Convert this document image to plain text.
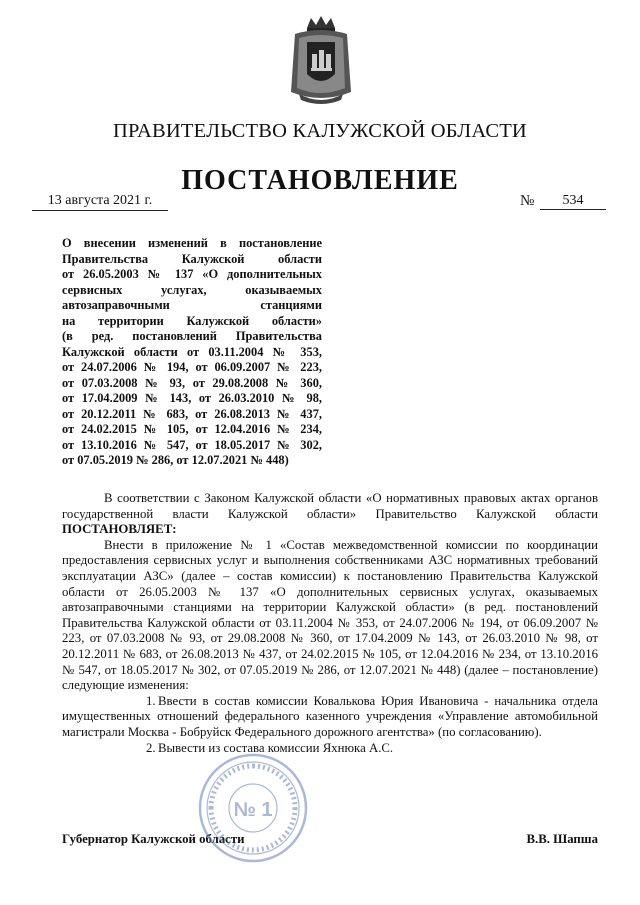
ПРАВИТЕЛЬСТВО КАЛУЖСКОЙ ОБЛАСТИ
ПОСТАНОВЛЕНИЕ
13 августа 2021 г.	№	534
О внесении изменений в постановление
Правительства Калужской области
от 26.05.2003 № 137 «О дополнительных
сервисных услугах, оказываемых
автозаправочными станциями
на территории Калужской области»
(в ред. постановлений Правительства
Калужской области от 03.11.2004 № 353,
от 24.07.2006 № 194, от 06.09.2007 № 223,
от 07.03.2008 № 93, от 29.08.2008 № 360,
от 17.04.2009 № 143, от 26.03.2010 № 98,
от 20.12.2011 № 683, от 26.08.2013 № 437,
от 24.02.2015 № 105, от 12.04.2016 № 234,
от 13.10.2016 № 547, от 18.05.2017 № 302,
от 07.05.2019 № 286, от 12.07.2021 № 448)

В соответствии с Законом Калужской области «О нормативных правовых актах органов государственной власти Калужской области» Правительство Калужской области ПОСТАНОВЛЯЕТ:

Внести в приложение № 1 «Состав межведомственной комиссии по координации предоставления сервисных услуг и выполнения собственниками АЗС нормативных требований эксплуатации АЗС» (далее – состав комиссии) к постановлению Правительства Калужской области от 26.05.2003 № 137 «О дополнительных сервисных услугах, оказываемых автозаправочными станциями на территории Калужской области» (в ред. постановлений Правительства Калужской области от 03.11.2004 № 353, от 24.07.2006 № 194, от 06.09.2007 № 223, от 07.03.2008 № 93, от 29.08.2008 № 360, от 17.04.2009 № 143, от 26.03.2010 № 98, от 20.12.2011 № 683, от 26.08.2013 № 437, от 24.02.2015 № 105, от 12.04.2016 № 234, от 13.10.2016 № 547, от 18.05.2017 № 302, от 07.05.2019 № 286, от 12.07.2021 № 448) (далее – постановление) следующие изменения:

1. Ввести в состав комиссии Ковалькова Юрия Ивановича - начальника отдела имущественных отношений федерального казенного учреждения «Управление автомобильной магистрали Москва - Бобруйск Федерального дорожного агентства» (по согласованию).

2. Вывести из состава комиссии Яхнюка А.С.

Губернатор Калужской области	В.В. Шапша
№ 1
